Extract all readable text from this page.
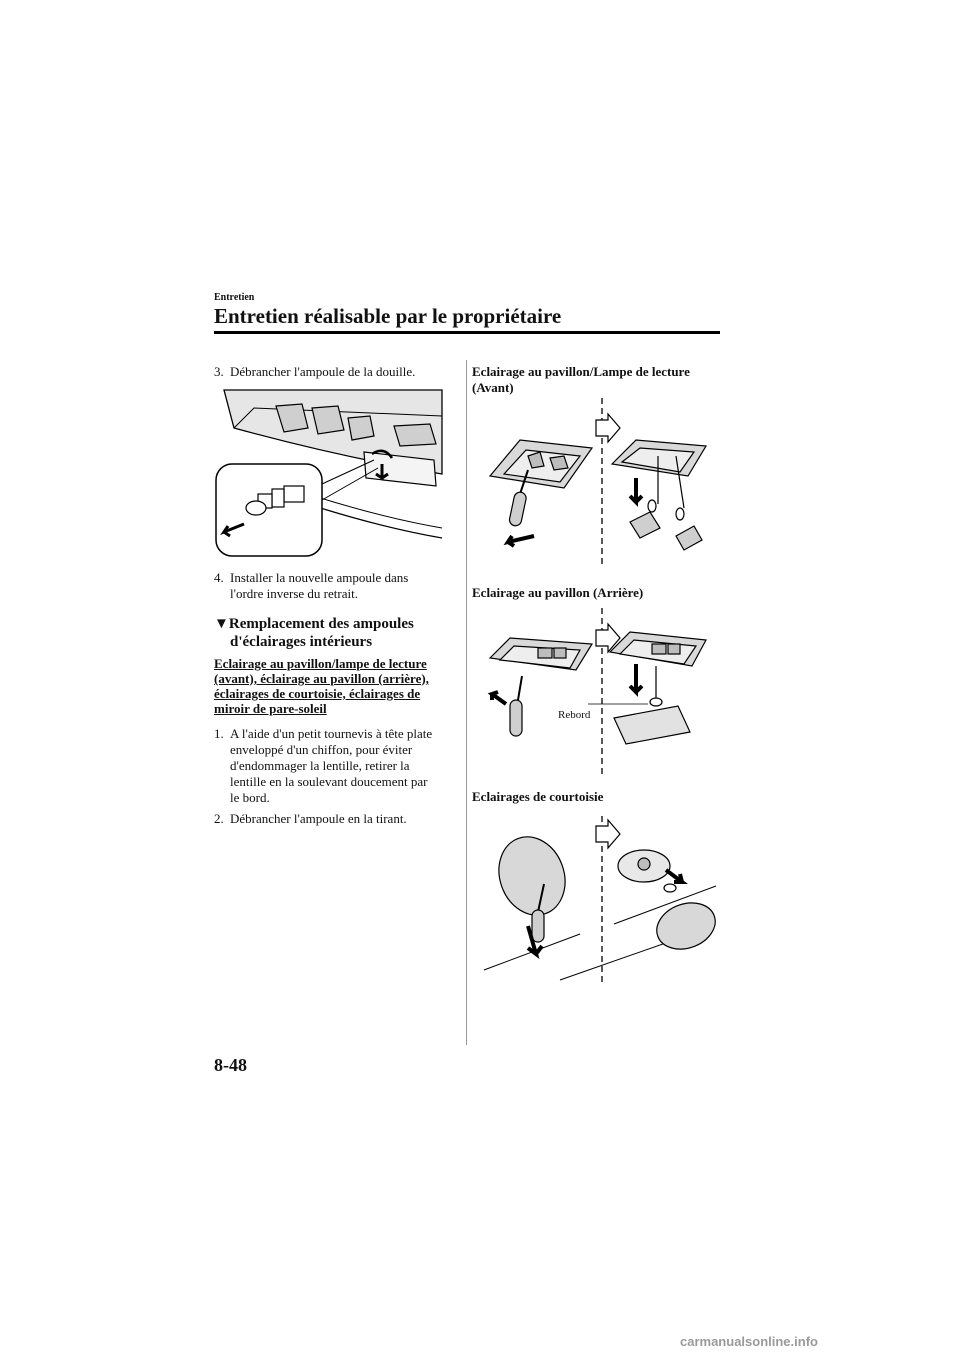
Entretien
Entretien réalisable par le propriétaire
3. Débrancher l'ampoule de la douille.
4. Installer la nouvelle ampoule dans
l'ordre inverse du retrait.
▼Remplacement des ampoules
d'éclairages intérieurs
Eclairage au pavillon/lampe de lecture
(avant), éclairage au pavillon (arrière),
éclairages de courtoisie, éclairages de
miroir de pare-soleil
1. A l'aide d'un petit tournevis à tête plate
enveloppé d'un chiffon, pour éviter
d'endommager la lentille, retirer la
lentille en la soulevant doucement par
le bord.
2. Débrancher l'ampoule en la tirant.
Eclairage au pavillon/Lampe de lecture
(Avant)
Eclairage au pavillon (Arrière)
Rebord
Eclairages de courtoisie
8-48
carmanualsonline.info
